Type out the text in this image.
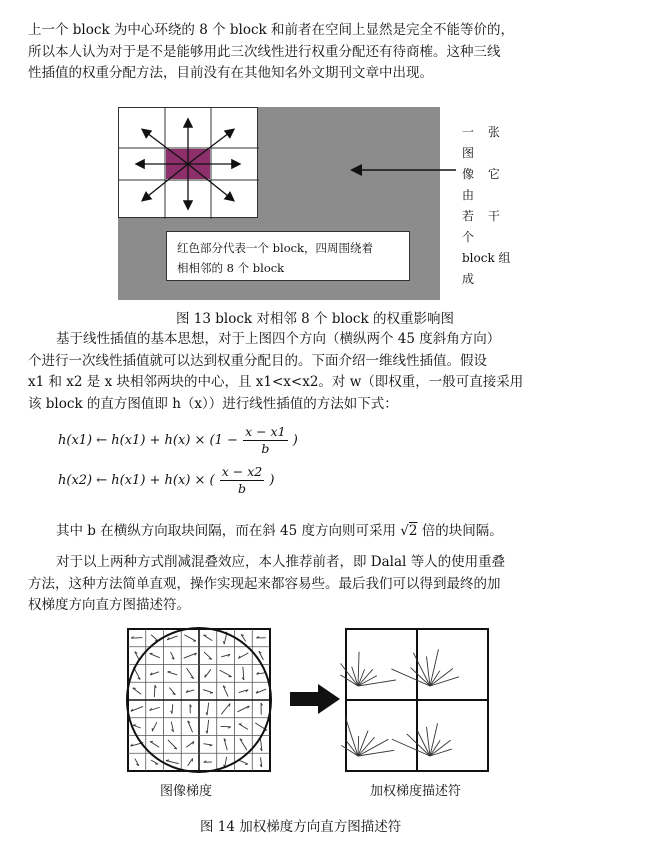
上一个 block 为中心环绕的 8 个 block 和前者在空间上显然是完全不能等价的，
所以本人认为对于是不是能够用此三次线性进行权重分配还有待商榷。这种三线
性插值的权重分配方法，目前没有在其他知名外文期刊文章中出现。
红色部分代表一个 block，四周围绕着
相相邻的 8 个 block
一 张 图
像 它 由
若 干 个
block 组
成
图 13 block 对相邻 8 个 block 的权重影响图
基于线性插值的基本思想，对于上图四个方向（横纵两个 45 度斜角方向）
个进行一次线性插值就可以达到权重分配目的。下面介绍一维线性插值。假设
x1 和 x2 是 x 块相邻两块的中心，且 x1<x<x2。对 w（即权重，一般可直接采用
该 block 的直方图值即 h（x））进行线性插值的方法如下式：
h(x1) ← $h(x1) + h(x) \times (1 - \frac{x - x1}{b}$ )
h(x2) ← h(x1) + h(x) × ( $\frac{x - x2}{b}$ )
其中 b 在横纵方向取块间隔，而在斜 45 度方向则可采用 √2 倍的块间隔。
对于以上两种方式削减混叠效应，本人推荐前者，即 Dalal 等人的使用重叠
方法，这种方法简单直观，操作实现起来都容易些。最后我们可以得到最终的加
权梯度方向直方图描述符。
图像梯度	加权梯度描述符
图 14 加权梯度方向直方图描述符
